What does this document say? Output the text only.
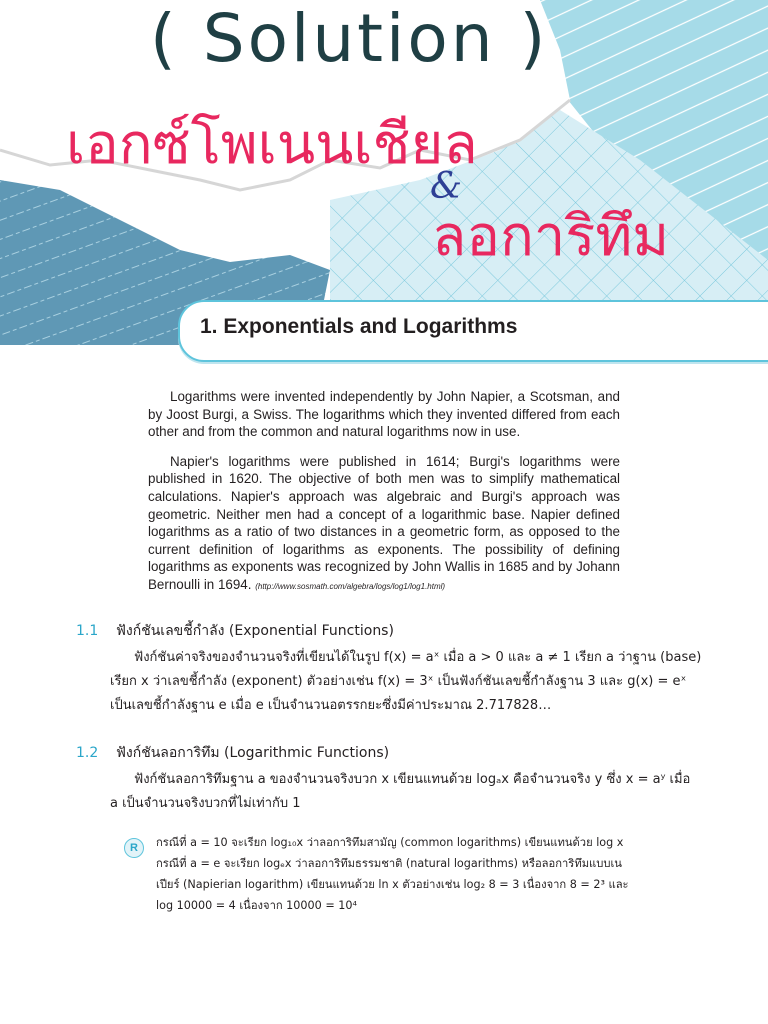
( Solution )
เอกซ์โพเนนเชียล
&
ลอการิทึม
1. Exponentials and Logarithms

Logarithms were invented independently by John Napier, a Scotsman, and by Joost Burgi, a Swiss. The logarithms which they invented differed from each other and from the common and natural logarithms now in use.

Napier's logarithms were published in 1614; Burgi's logarithms were published in 1620. The objective of both men was to simplify mathematical calculations. Napier's approach was algebraic and Burgi's approach was geometric. Neither men had a concept of a logarithmic base. Napier defined logarithms as a ratio of two distances in a geometric form, as opposed to the current definition of logarithms as exponents. The possibility of defining logarithms as exponents was recognized by John Wallis in 1685 and by Johann Bernoulli in 1694. (http://www.sosmath.com/algebra/logs/log1/log1.html)

1.1 ฟังก์ชันเลขชี้กำลัง (Exponential Functions)
ฟังก์ชันค่าจริงของจำนวนจริงที่เขียนได้ในรูป f(x) = aˣ เมื่อ a > 0 และ a ≠ 1 เรียก a ว่าฐาน (base)
เรียก x ว่าเลขชี้กำลัง (exponent) ตัวอย่างเช่น f(x) = 3ˣ เป็นฟังก์ชันเลขชี้กำลังฐาน 3 และ g(x) = eˣ
เป็นเลขชี้กำลังฐาน e เมื่อ e เป็นจำนวนอตรรกยะซึ่งมีค่าประมาณ 2.717828…
1.2 ฟังก์ชันลอการิทึม (Logarithmic Functions)
ฟังก์ชันลอการิทึมฐาน a ของจำนวนจริงบวก x เขียนแทนด้วย logₐx คือจำนวนจริง y ซึ่ง x = aʸ เมื่อ
a เป็นจำนวนจริงบวกที่ไม่เท่ากับ 1
R	กรณีที่ a = 10 จะเรียก log₁₀x ว่าลอการิทึมสามัญ (common logarithms) เขียนแทนด้วย log x
กรณีที่ a = e จะเรียก logₑx ว่าลอการิทึมธรรมชาติ (natural logarithms) หรือลอการิทึมแบบเน
เปียร์ (Napierian logarithm) เขียนแทนด้วย ln x ตัวอย่างเช่น log₂ 8 = 3 เนื่องจาก 8 = 2³ และ
log 10000 = 4 เนื่องจาก 10000 = 10⁴
